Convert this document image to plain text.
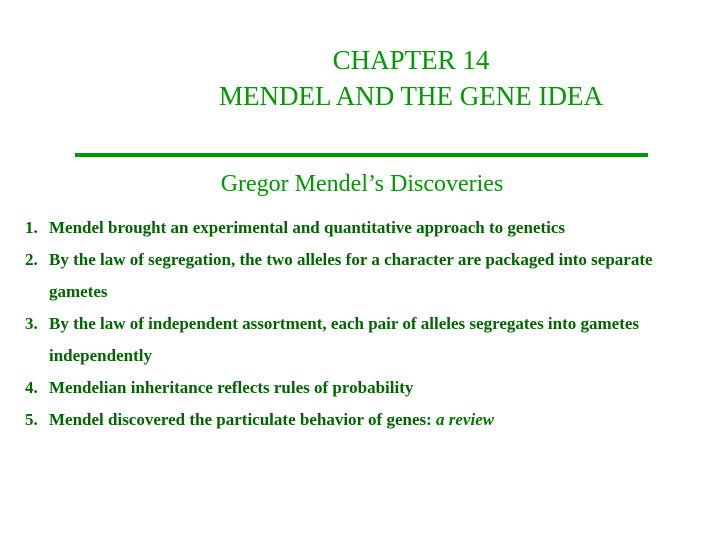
CHAPTER 14
MENDEL AND THE GENE IDEA
Gregor Mendel’s Discoveries
1. Mendel brought an experimental and quantitative approach to genetics
2. By the law of segregation, the two alleles for a character are packaged into separate gametes
3. By the law of independent assortment, each pair of alleles segregates into gametes independently
4. Mendelian inheritance reflects rules of probability
5. Mendel discovered the particulate behavior of genes: a review
